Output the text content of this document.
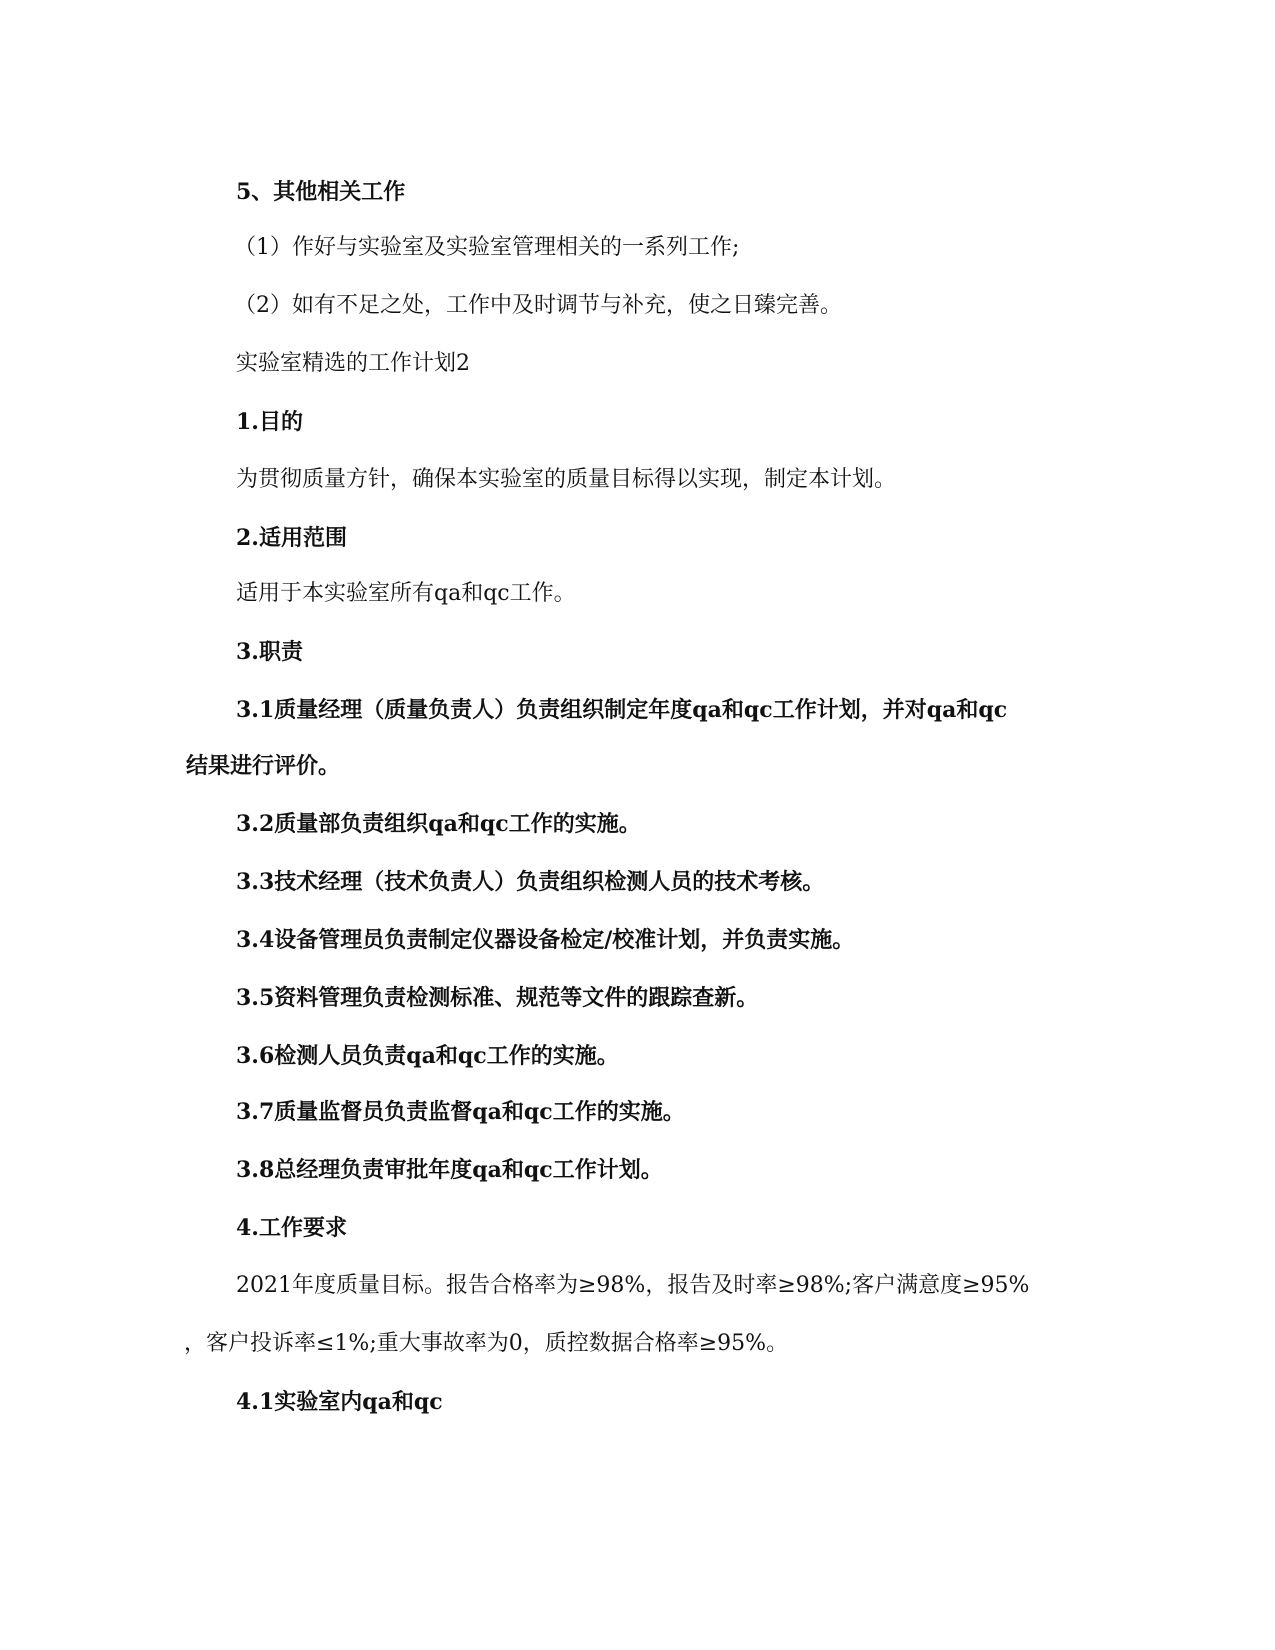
5、其他相关工作
（1）作好与实验室及实验室管理相关的一系列工作;
（2）如有不足之处，工作中及时调节与补充，使之日臻完善。
实验室精选的工作计划2
1.目的
为贯彻质量方针，确保本实验室的质量目标得以实现，制定本计划。
2.适用范围
适用于本实验室所有qa和qc工作。
3.职责
3.1质量经理（质量负责人）负责组织制定年度qa和qc工作计划，并对qa和qc
结果进行评价。
3.2质量部负责组织qa和qc工作的实施。
3.3技术经理（技术负责人）负责组织检测人员的技术考核。
3.4设备管理员负责制定仪器设备检定/校准计划，并负责实施。
3.5资料管理负责检测标准、规范等文件的跟踪查新。
3.6检测人员负责qa和qc工作的实施。
3.7质量监督员负责监督qa和qc工作的实施。
3.8总经理负责审批年度qa和qc工作计划。
4.工作要求
2021年度质量目标。报告合格率为≥98%，报告及时率≥98%;客户满意度≥95%
，客户投诉率≤1%;重大事故率为0，质控数据合格率≥95%。
4.1实验室内qa和qc
